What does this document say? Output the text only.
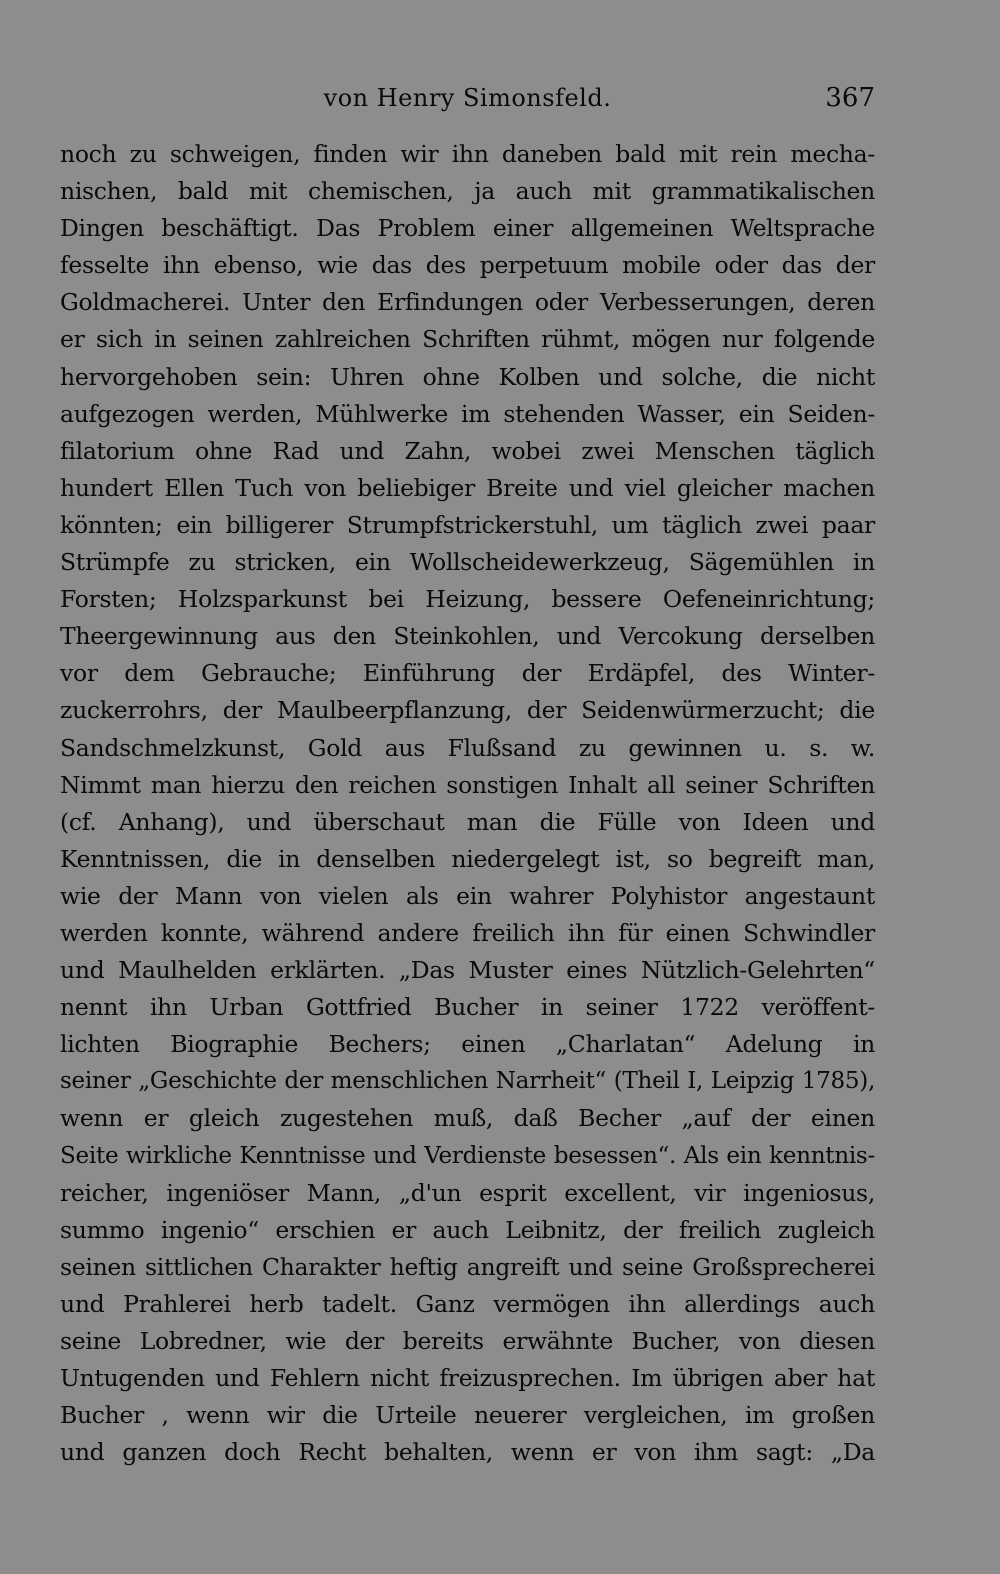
von Henry Simonsfeld.	367
noch zu schweigen, finden wir ihn daneben bald mit rein mecha-
nischen, bald mit chemischen, ja auch mit grammatikalischen
Dingen beschäftigt. Das Problem einer allgemeinen Weltsprache
fesselte ihn ebenso, wie das des perpetuum mobile oder das der
Goldmacherei. Unter den Erfindungen oder Verbesserungen, deren
er sich in seinen zahlreichen Schriften rühmt, mögen nur folgende
hervorgehoben sein: Uhren ohne Kolben und solche, die nicht
aufgezogen werden, Mühlwerke im stehenden Wasser, ein Seiden-
filatorium ohne Rad und Zahn, wobei zwei Menschen täglich
hundert Ellen Tuch von beliebiger Breite und viel gleicher machen
könnten; ein billigerer Strumpfstrickerstuhl, um täglich zwei paar
Strümpfe zu stricken, ein Wollscheidewerkzeug, Sägemühlen in
Forsten; Holzsparkunst bei Heizung, bessere Oefeneinrichtung;
Theergewinnung aus den Steinkohlen, und Vercokung derselben
vor dem Gebrauche; Einführung der Erdäpfel, des Winter-
zuckerrohrs, der Maulbeerpflanzung, der Seidenwürmerzucht; die
Sandschmelzkunst, Gold aus Flußsand zu gewinnen u. s. w.
Nimmt man hierzu den reichen sonstigen Inhalt all seiner Schriften
(cf. Anhang), und überschaut man die Fülle von Ideen und
Kenntnissen, die in denselben niedergelegt ist, so begreift man,
wie der Mann von vielen als ein wahrer Polyhistor angestaunt
werden konnte, während andere freilich ihn für einen Schwindler
und Maulhelden erklärten. „Das Muster eines Nützlich-Gelehrten“
nennt ihn Urban Gottfried Bucher in seiner 1722 veröffent-
lichten Biographie Bechers; einen „Charlatan“ Adelung in
seiner „Geschichte der menschlichen Narrheit“ (Theil I, Leipzig 1785),
wenn er gleich zugestehen muß, daß Becher „auf der einen
Seite wirkliche Kenntnisse und Verdienste besessen“. Als ein kenntnis-
reicher, ingeniöser Mann, „d'un esprit excellent, vir ingeniosus,
summo ingenio“ erschien er auch Leibnitz, der freilich zugleich
seinen sittlichen Charakter heftig angreift und seine Großsprecherei
und Prahlerei herb tadelt. Ganz vermögen ihn allerdings auch
seine Lobredner, wie der bereits erwähnte Bucher, von diesen
Untugenden und Fehlern nicht freizusprechen. Im übrigen aber hat
Bucher , wenn wir die Urteile neuerer vergleichen, im großen
und ganzen doch Recht behalten, wenn er von ihm sagt: „Da
